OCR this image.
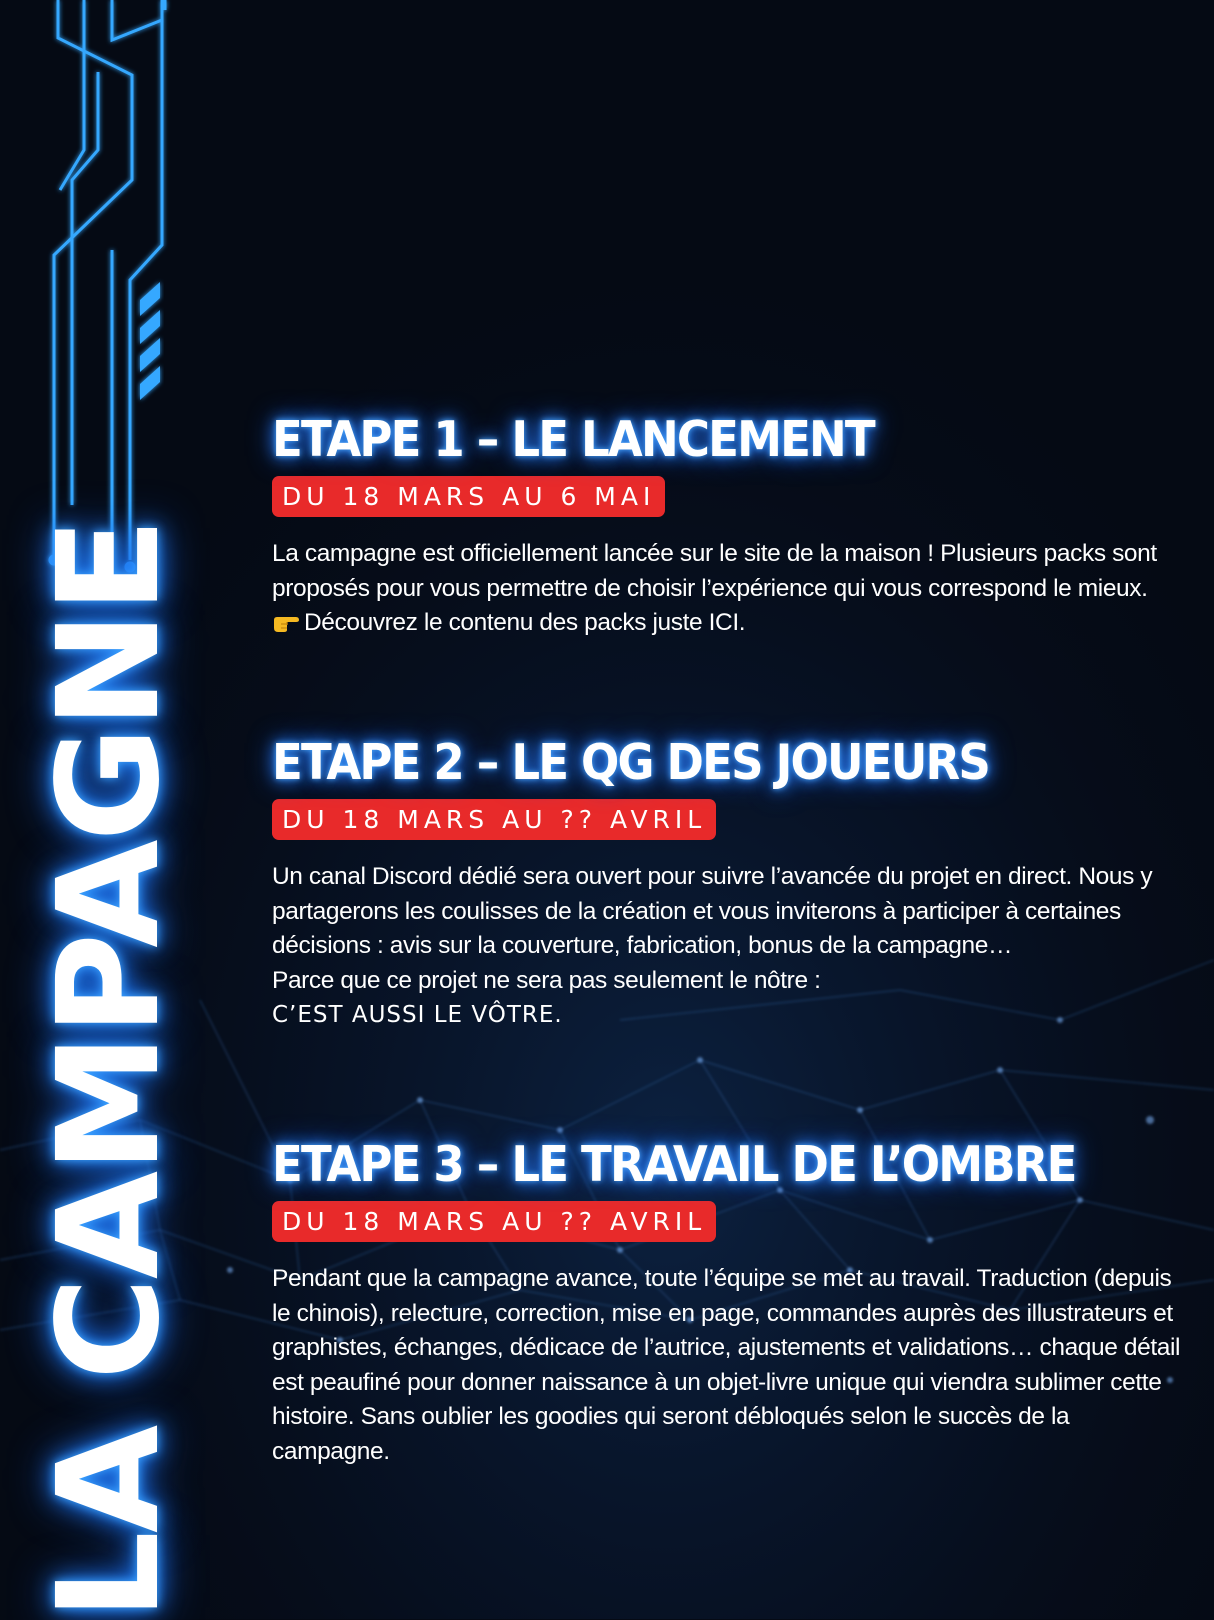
LA CAMPAGNE
ETAPE 1 – LE LANCEMENT
DU 18 MARS AU 6 MAI

La campagne est officiellement lancée sur le site de la maison ! Plusieurs packs sont proposés pour vous permettre de choisir l’expérience qui vous correspond le mieux.

Découvrez le contenu des packs juste ICI.

ETAPE 2 – LE QG DES JOUEURS
DU 18 MARS AU ?? AVRIL

Un canal Discord dédié sera ouvert pour suivre l’avancée du projet en direct. Nous y partagerons les coulisses de la création et vous inviterons à participer à certaines décisions : avis sur la couverture, fabrication, bonus de la campagne…

Parce que ce projet ne sera pas seulement le nôtre :

C’EST AUSSI LE VÔTRE.

ETAPE 3 – LE TRAVAIL DE L’OMBRE
DU 18 MARS AU ?? AVRIL

Pendant que la campagne avance, toute l’équipe se met au travail. Traduction (depuis le chinois), relecture, correction, mise en page, commandes auprès des illustrateurs et graphistes, échanges, dédicace de l’autrice, ajustements et validations… chaque détail est peaufiné pour donner naissance à un objet-livre unique qui viendra sublimer cette histoire. Sans oublier les goodies qui seront débloqués selon le succès de la campagne.
